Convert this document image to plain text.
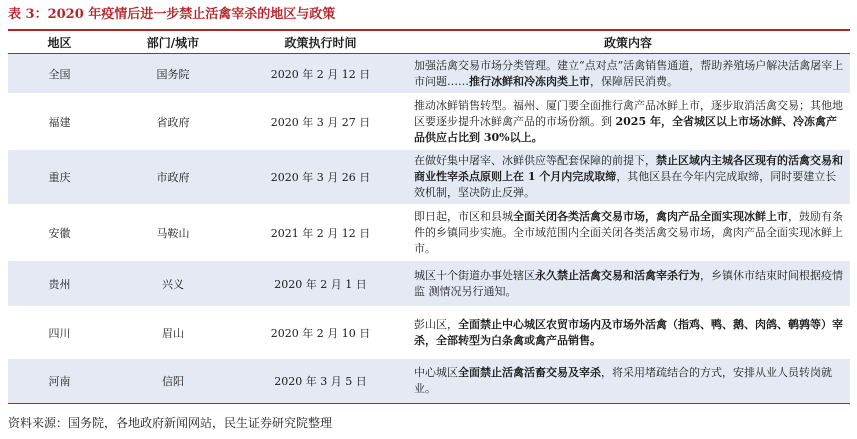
表 3：2020 年疫情后进一步禁止活禽宰杀的地区与政策
地区	部门/城市	政策执行时间	政策内容
全国	国务院	2020 年 2 月 12 日	加强活禽交易市场分类管理。建立“点对点”活禽销售通道，帮助养殖场户解决活禽屠宰上市问题……推行冰鲜和冷冻肉类上市，保障居民消费。
福建	省政府	2020 年 3 月 27 日	推动冰鲜销售转型。福州、厦门要全面推行禽产品冰鲜上市，逐步取消活禽交易；其他地区要逐步提升冰鲜禽产品的市场份额。到 2025 年，全省城区以上市场冰鲜、冷冻禽产品供应占比到 30%以上。
重庆	市政府	2020 年 3 月 26 日	在做好集中屠宰、冰鲜供应等配套保障的前提下，禁止区域内主城各区现有的活禽交易和商业性宰杀点原则上在 1 个月内完成取缔，其他区县在今年内完成取缔，同时要建立长效机制，坚决防止反弹。
安徽	马鞍山	2021 年 2 月 12 日	即日起，市区和县城全面关闭各类活禽交易市场，禽肉产品全面实现冰鲜上市，鼓励有条件的乡镇同步实施。全市域范围内全面关闭各类活禽交易市场，禽肉产品全面实现冰鲜上市。
贵州	兴义	2020 年 2 月 1 日	城区十个街道办事处辖区永久禁止活禽交易和活禽宰杀行为，乡镇休市结束时间根据疫情监 测情况另行通知。
四川	眉山	2020 年 2 月 10 日	彭山区，全面禁止中心城区农贸市场内及市场外活禽（指鸡、鸭、鹅、肉鸽、鹌鹑等）宰杀，全部转型为白条禽或禽产品销售。
河南	信阳	2020 年 3 月 5 日	中心城区全面禁止活禽活畜交易及宰杀，将采用堵疏结合的方式，安排从业人员转岗就业。
资料来源：国务院，各地政府新闻网站，民生证券研究院整理
